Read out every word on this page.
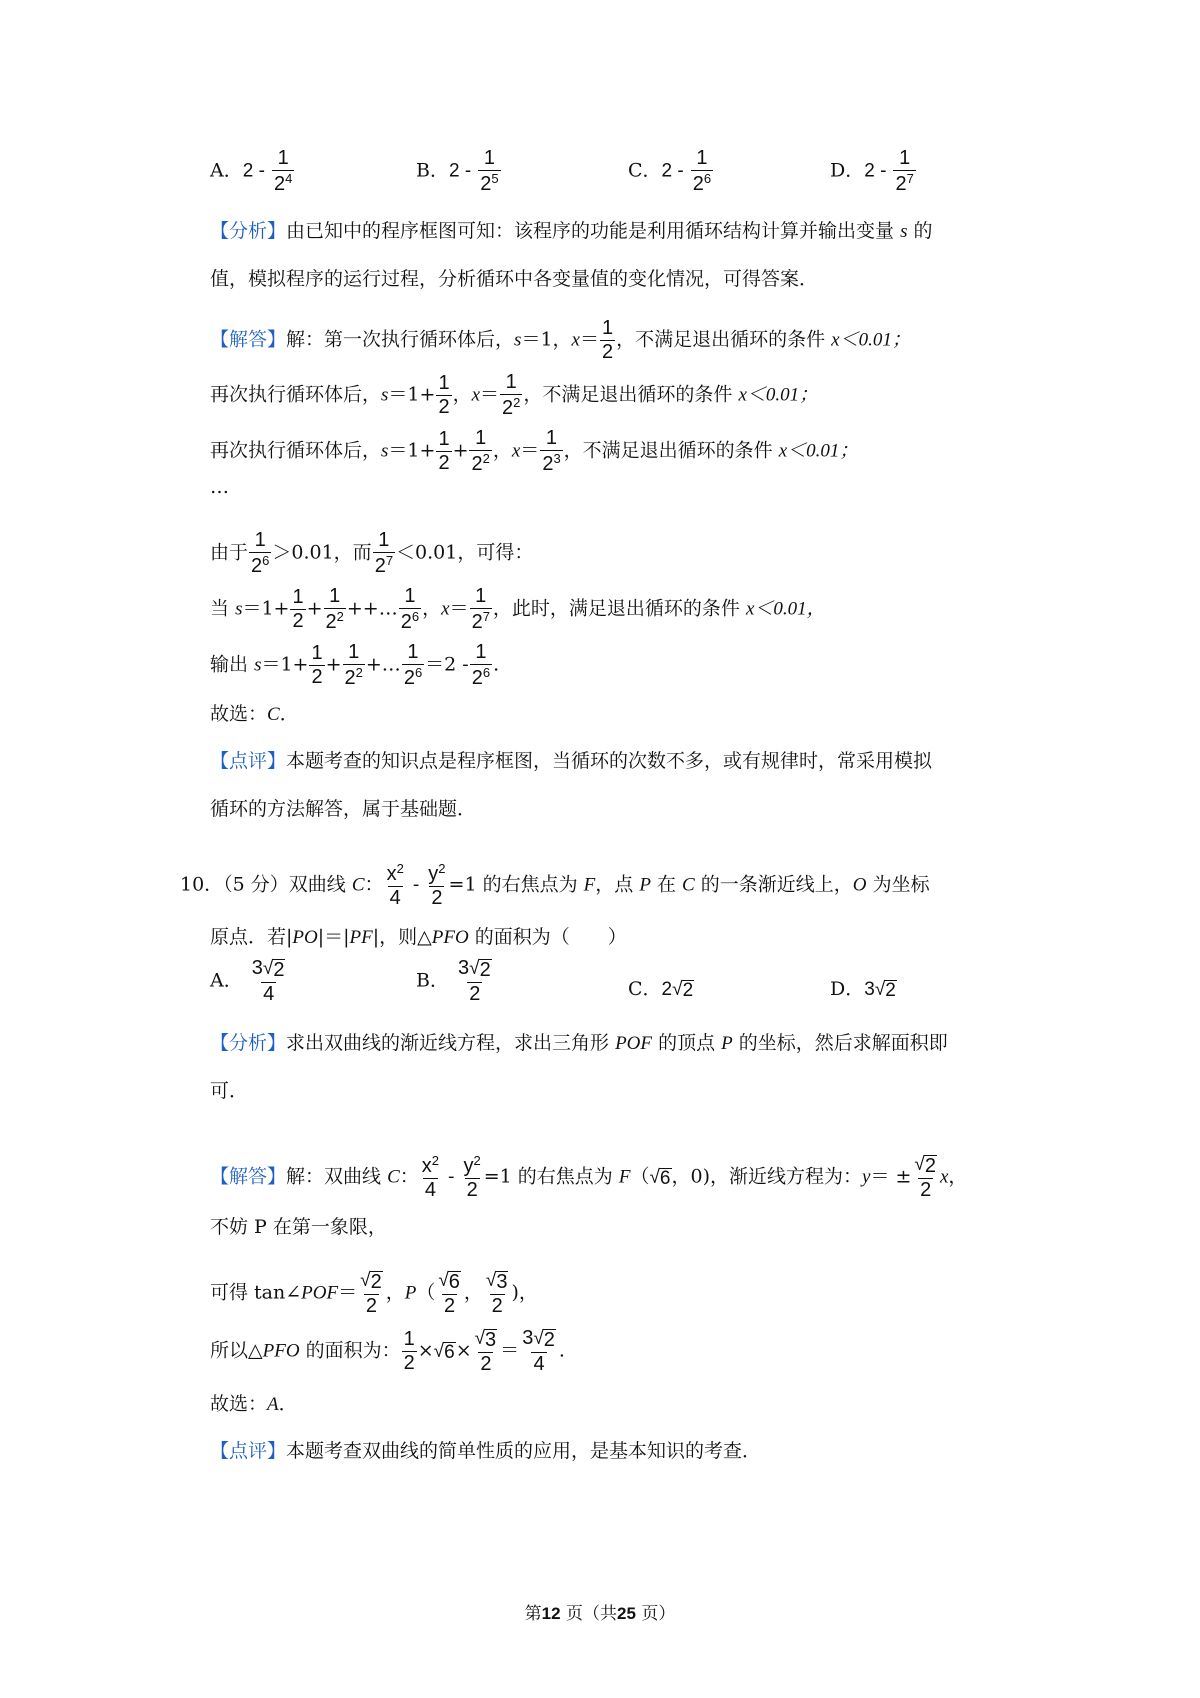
A．$2 - \frac{1}{2^4}$	B．$2 - \frac{1}{2^5}$	C．$2 - \frac{1}{2^6}$	D．$2 - \frac{1}{2^7}$
【分析】由已知中的程序框图可知：该程序的功能是利用循环结构计算并输出变量 s 的
值，模拟程序的运行过程，分析循环中各变量值的变化情况，可得答案．
【解答】解：第一次执行循环体后，s＝1，$x= \frac{1}{2}$ ，不满足退出循环的条件 x＜0.01；
再次执行循环体后，$s=1+ \frac{1}{2}$ ，$x= \frac{1}{2^2}$ ，不满足退出循环的条件 x＜0.01；
再次执行循环体后，$s=1+ \frac{1}{2} + \frac{1}{2^2}$ ，$x= \frac{1}{2^3}$ ，不满足退出循环的条件 x＜0.01；
…
由于 $\frac{1}{2^6} >0.01$，而 $\frac{1}{2^7} <0.01$，可得：
当 $s=1+ \frac{1}{2} + \frac{1}{2^2}$ ++… $\frac{1}{2^6}$ ，$x= \frac{1}{2^7}$ ，此时，满足退出循环的条件 x＜0.01，
输出 $s=1+ \frac{1}{2} + \frac{1}{2^2}$ +… $\frac{1}{2^6} =2 - \frac{1}{2^6}$ .
故选：C．
【点评】本题考查的知识点是程序框图，当循环的次数不多，或有规律时，常采用模拟
循环的方法解答，属于基础题．
10．（5 分）双曲线 C： $\frac{x^2}{4} - \frac{y^2}{2} =1$ 的右焦点为 F，点 P 在 C 的一条渐近线上，O 为坐标
原点．若|PO|＝|PF|，则△PFO 的面积为（　　）
A． $\frac{3 √ 2}{4}$	B． $\frac{3 √ 2}{2}$	C．2 √ 2	D．3 √ 2
【分析】求出双曲线的渐近线方程，求出三角形 POF 的顶点 P 的坐标，然后求解面积即
可．
【解答】解：双曲线 C： $\frac{x^2}{4} - \frac{y^2}{2} =1$ 的右焦点为 F（ √ 6 ，0)，渐近线方程为：$y= \pm \frac{√ 2}{2}$ x，
不妨 P 在第一象限，
可得 tan∠POF＝ $\frac{√ 2}{2}$ ，$P( \frac{√ 6}{2}$ ， $\frac{√ 3}{2}$ )，
所以△PFO 的面积为： $\frac{1}{2}$ × √ $6 \times \frac{√ 3}{2} = \frac{3 √ 2}{4}$ .
故选：A．
【点评】本题考查双曲线的简单性质的应用，是基本知识的考查．
第12 页（共25 页）
